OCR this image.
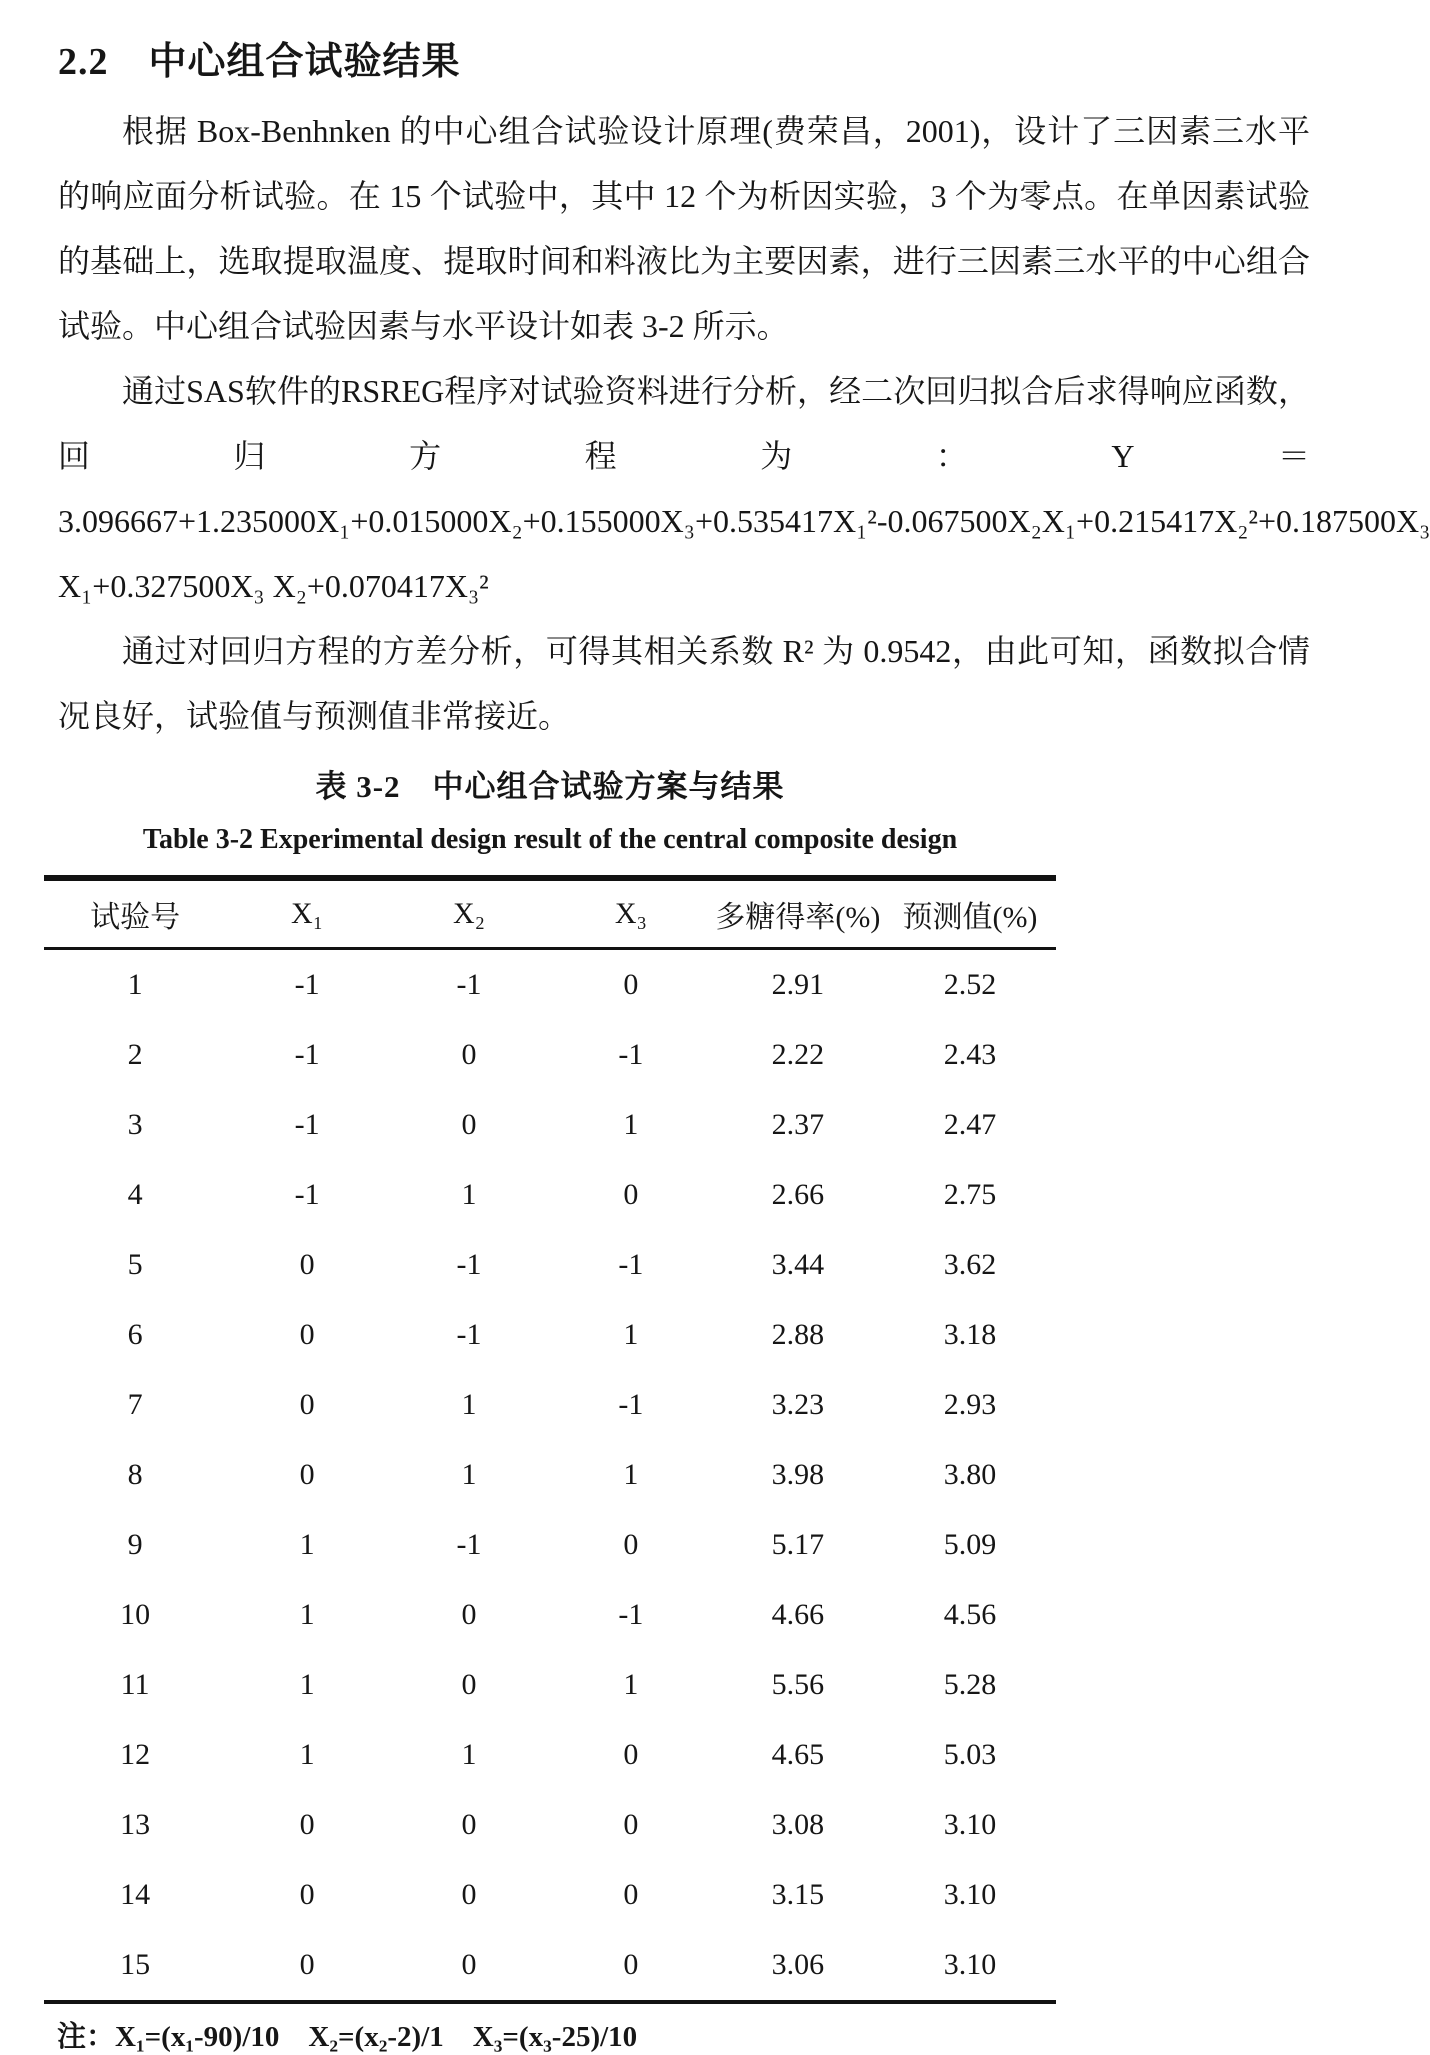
2.2 中心组合试验结果

根据 Box-Benhnken 的中心组合试验设计原理(费荣昌，2001)，设计了三因素三水平的响应面分析试验。在 15 个试验中，其中 12 个为析因实验，3 个为零点。在单因素试验的基础上，选取提取温度、提取时间和料液比为主要因素，进行三因素三水平的中心组合试验。中心组合试验因素与水平设计如表 3-2 所示。

通过SAS软件的RSREG程序对试验资料进行分析，经二次回归拟合后求得响应函数，回归方程为：Y＝3.096667+1.235000X₁+0.015000X₂+0.155000X₃+0.535417X₁²-0.067500X₂X₁+0.215417X₂²+0.187500X₃ X₁+0.327500X₃ X₂+0.070417X₃²

通过对回归方程的方差分析，可得其相关系数 R² 为 0.9542，由此可知，函数拟合情况良好，试验值与预测值非常接近。

表 3-2　中心组合试验方案与结果
Table 3-2 Experimental design result of the central composite design
试验号	X₁	X₂	X₃	多糖得率(%)	预测值(%)
1	-1	-1	0	2.91	2.52
2	-1	0	-1	2.22	2.43
3	-1	0	1	2.37	2.47
4	-1	1	0	2.66	2.75
5	0	-1	-1	3.44	3.62
6	0	-1	1	2.88	3.18
7	0	1	-1	3.23	2.93
8	0	1	1	3.98	3.80
9	1	-1	0	5.17	5.09
10	1	0	-1	4.66	4.56
11	1	0	1	5.56	5.28
12	1	1	0	4.65	5.03
13	0	0	0	3.08	3.10
14	0	0	0	3.15	3.10
15	0	0	0	3.06	3.10
注：X₁=(x₁-90)/10    X₂=(x₂-2)/1    X₃=(x₃-25)/10
